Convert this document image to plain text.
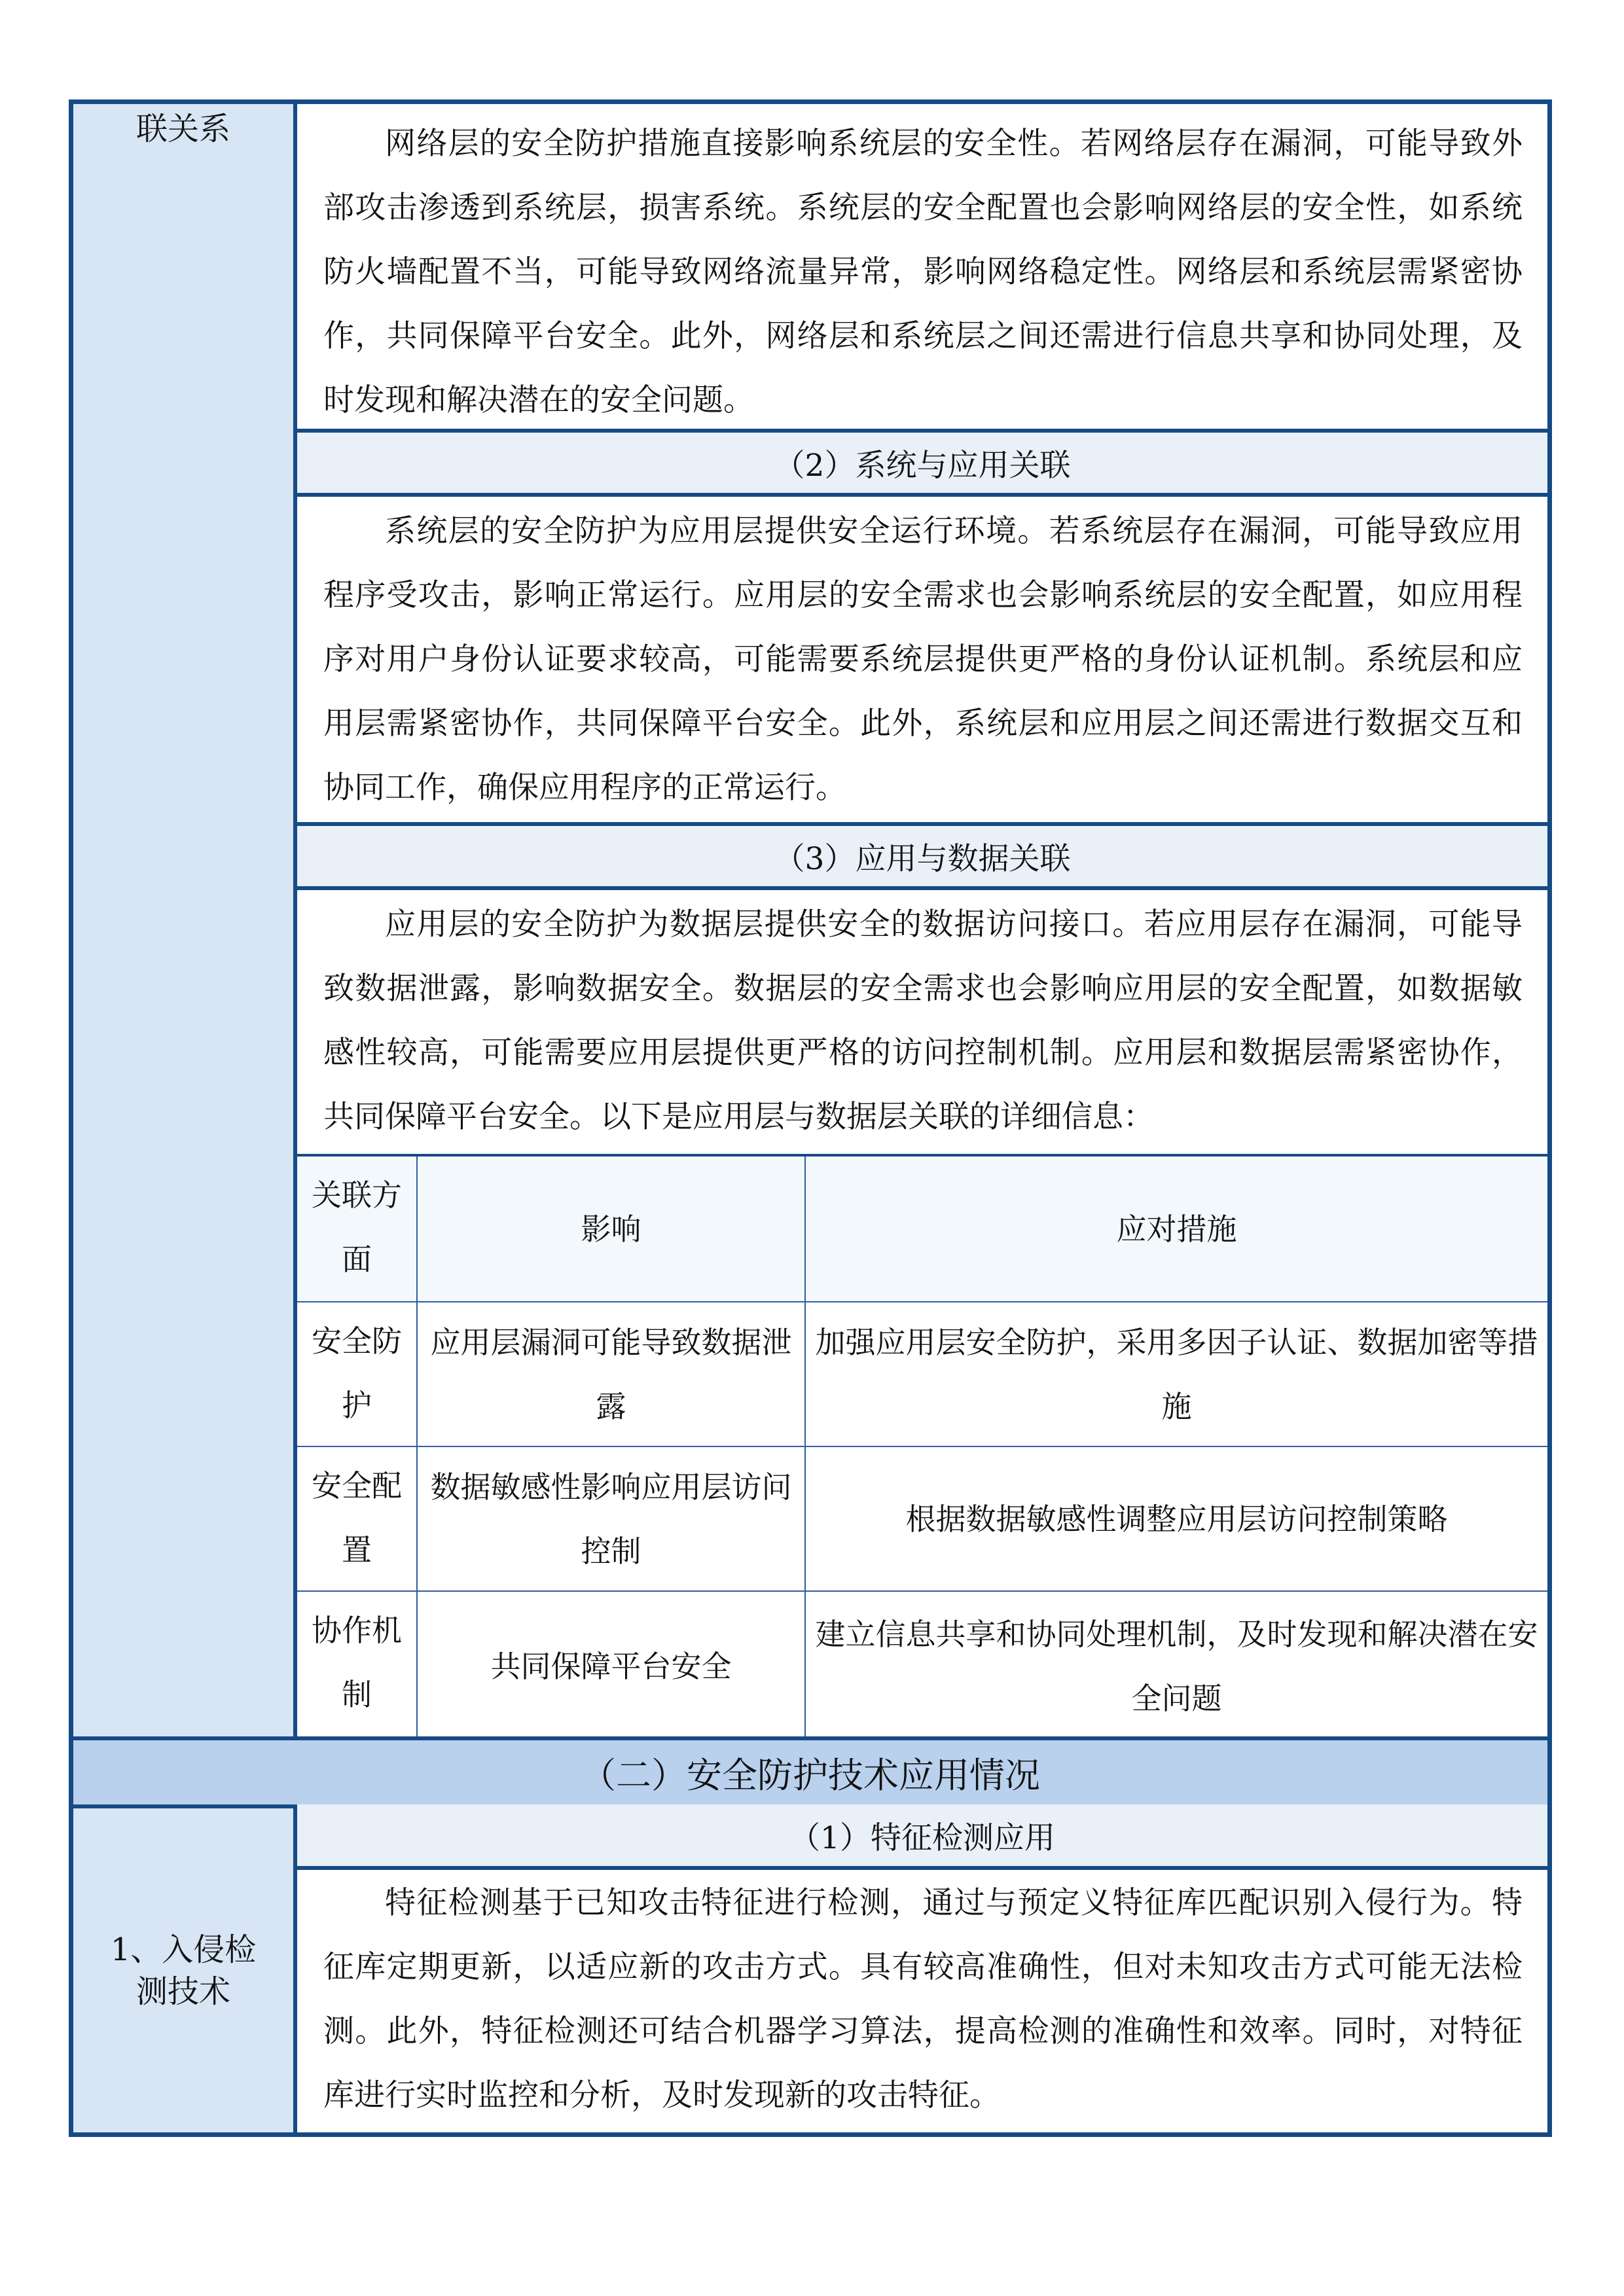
联关系	网络层的安全防护措施直接影响系统层的安全性。若网络层存在漏洞，可能导致外部攻击渗透到系统层，损害系统。系统层的安全配置也会影响网络层的安全性，如系统防火墙配置不当，可能导致网络流量异常，影响网络稳定性。网络层和系统层需紧密协作，共同保障平台安全。此外，网络层和系统层之间还需进行信息共享和协同处理，及时发现和解决潜在的安全问题。
（2）系统与应用关联
系统层的安全防护为应用层提供安全运行环境。若系统层存在漏洞，可能导致应用程序受攻击，影响正常运行。应用层的安全需求也会影响系统层的安全配置，如应用程序对用户身份认证要求较高，可能需要系统层提供更严格的身份认证机制。系统层和应用层需紧密协作，共同保障平台安全。此外，系统层和应用层之间还需进行数据交互和协同工作，确保应用程序的正常运行。
（3）应用与数据关联
应用层的安全防护为数据层提供安全的数据访问接口。若应用层存在漏洞，可能导致数据泄露，影响数据安全。数据层的安全需求也会影响应用层的安全配置，如数据敏感性较高，可能需要应用层提供更严格的访问控制机制。应用层和数据层需紧密协作，共同保障平台安全。以下是应用层与数据层关联的详细信息：
关联方面	影响	应对措施
安全防护	应用层漏洞可能导致数据泄露	加强应用层安全防护，采用多因子认证、数据加密等措施
安全配置	数据敏感性影响应用层访问控制	根据数据敏感性调整应用层访问控制策略
协作机制	共同保障平台安全	建立信息共享和协同处理机制，及时发现和解决潜在安全问题
（二）安全防护技术应用情况
1、入侵检测技术
（1）特征检测应用
特征检测基于已知攻击特征进行检测，通过与预定义特征库匹配识别入侵行为。特征库定期更新，以适应新的攻击方式。具有较高准确性，但对未知攻击方式可能无法检测。此外，特征检测还可结合机器学习算法，提高检测的准确性和效率。同时，对特征库进行实时监控和分析，及时发现新的攻击特征。
